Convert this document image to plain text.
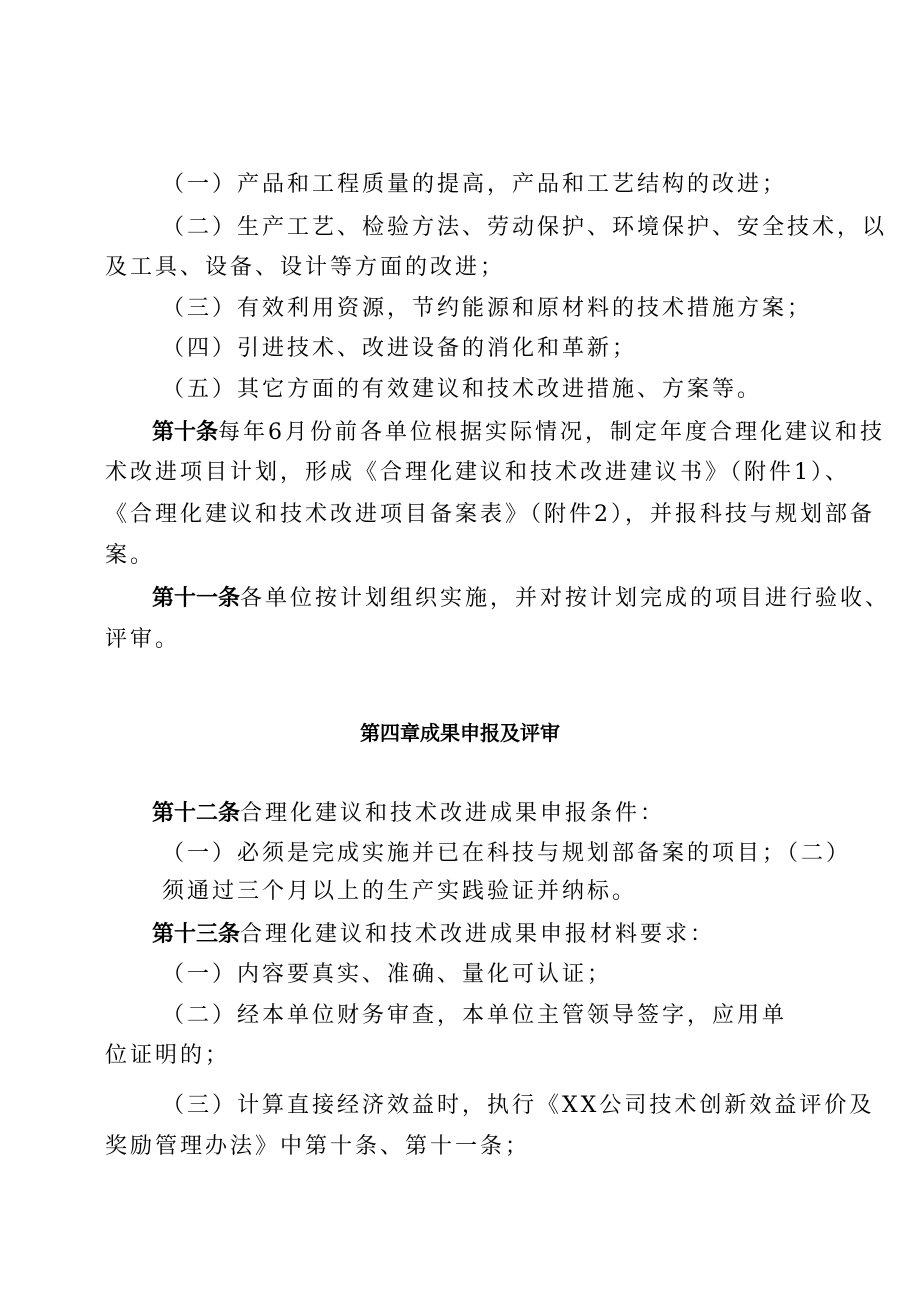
（一）产品和工程质量的提高，产品和工艺结构的改进；
（二）生产工艺、检验方法、劳动保护、环境保护、安全技术，以
及工具、设备、设计等方面的改进；
（三）有效利用资源，节约能源和原材料的技术措施方案；
（四）引进技术、改进设备的消化和革新；
（五）其它方面的有效建议和技术改进措施、方案等。
第十条每年6月份前各单位根据实际情况，制定年度合理化建议和技
术改进项目计划，形成《合理化建议和技术改进建议书》（附件1）、
《合理化建议和技术改进项目备案表》（附件2），并报科技与规划部备
案。
第十一条各单位按计划组织实施，并对按计划完成的项目进行验收、
评审。
第四章成果申报及评审
第十二条合理化建议和技术改进成果申报条件：
（一）必须是完成实施并已在科技与规划部备案的项目；（二）
须通过三个月以上的生产实践验证并纳标。
第十三条合理化建议和技术改进成果申报材料要求：
（一）内容要真实、准确、量化可认证；
（二）经本单位财务审查，本单位主管领导签字，应用单
位证明的；
（三）计算直接经济效益时，执行《XX公司技术创新效益评价及
奖励管理办法》中第十条、第十一条；
